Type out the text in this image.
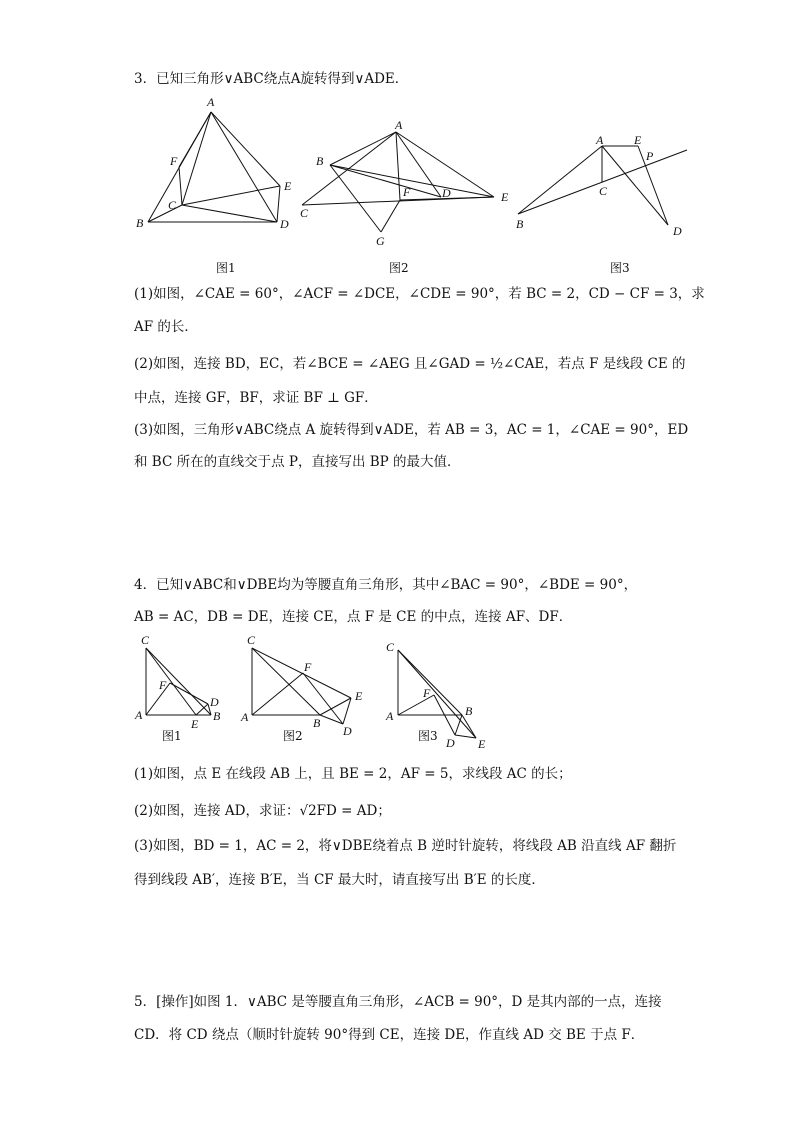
3．已知三角形∨ABC绕点A旋转得到∨ADE．
A
F
C
E
B	D
A
B
C
F	D	E
G
A	E
P
C
B	D
C
F
A
E
D
B
C
F
A	B
E
D
C
F
A	B
D E
图1	图2	图3
(1)如图，∠CAE = 60°，∠ACF = ∠DCE，∠CDE = 90°，若 BC = 2，CD − CF = 3，求
AF 的长．
(2)如图，连接 BD，EC，若∠BCE = ∠AEG 且∠GAD = ½∠CAE，若点 F 是线段 CE 的
中点，连接 GF，BF，求证 BF ⊥ GF．
(3)如图，三角形∨ABC绕点 A 旋转得到∨ADE，若 AB = 3，AC = 1，∠CAE = 90°，ED
和 BC 所在的直线交于点 P，直接写出 BP 的最大值．
4．已知∨ABC和∨DBE均为等腰直角三角形，其中∠BAC = 90°，∠BDE = 90°，
AB = AC，DB = DE，连接 CE，点 F 是 CE 的中点，连接 AF、DF．
图1	图2	图3
(1)如图，点 E 在线段 AB 上，且 BE = 2，AF = 5，求线段 AC 的长；
(2)如图，连接 AD，求证：√2FD = AD；
(3)如图，BD = 1，AC = 2，将∨DBE绕着点 B 逆时针旋转，将线段 AB 沿直线 AF 翻折
得到线段 AB′，连接 B′E，当 CF 最大时，请直接写出 B′E 的长度．
5．[操作]如图 1．∨ABC 是等腰直角三角形，∠ACB = 90°，D 是其内部的一点，连接
CD．将 CD 绕点（顺时针旋转 90°得到 CE，连接 DE，作直线 AD 交 BE 于点 F．
